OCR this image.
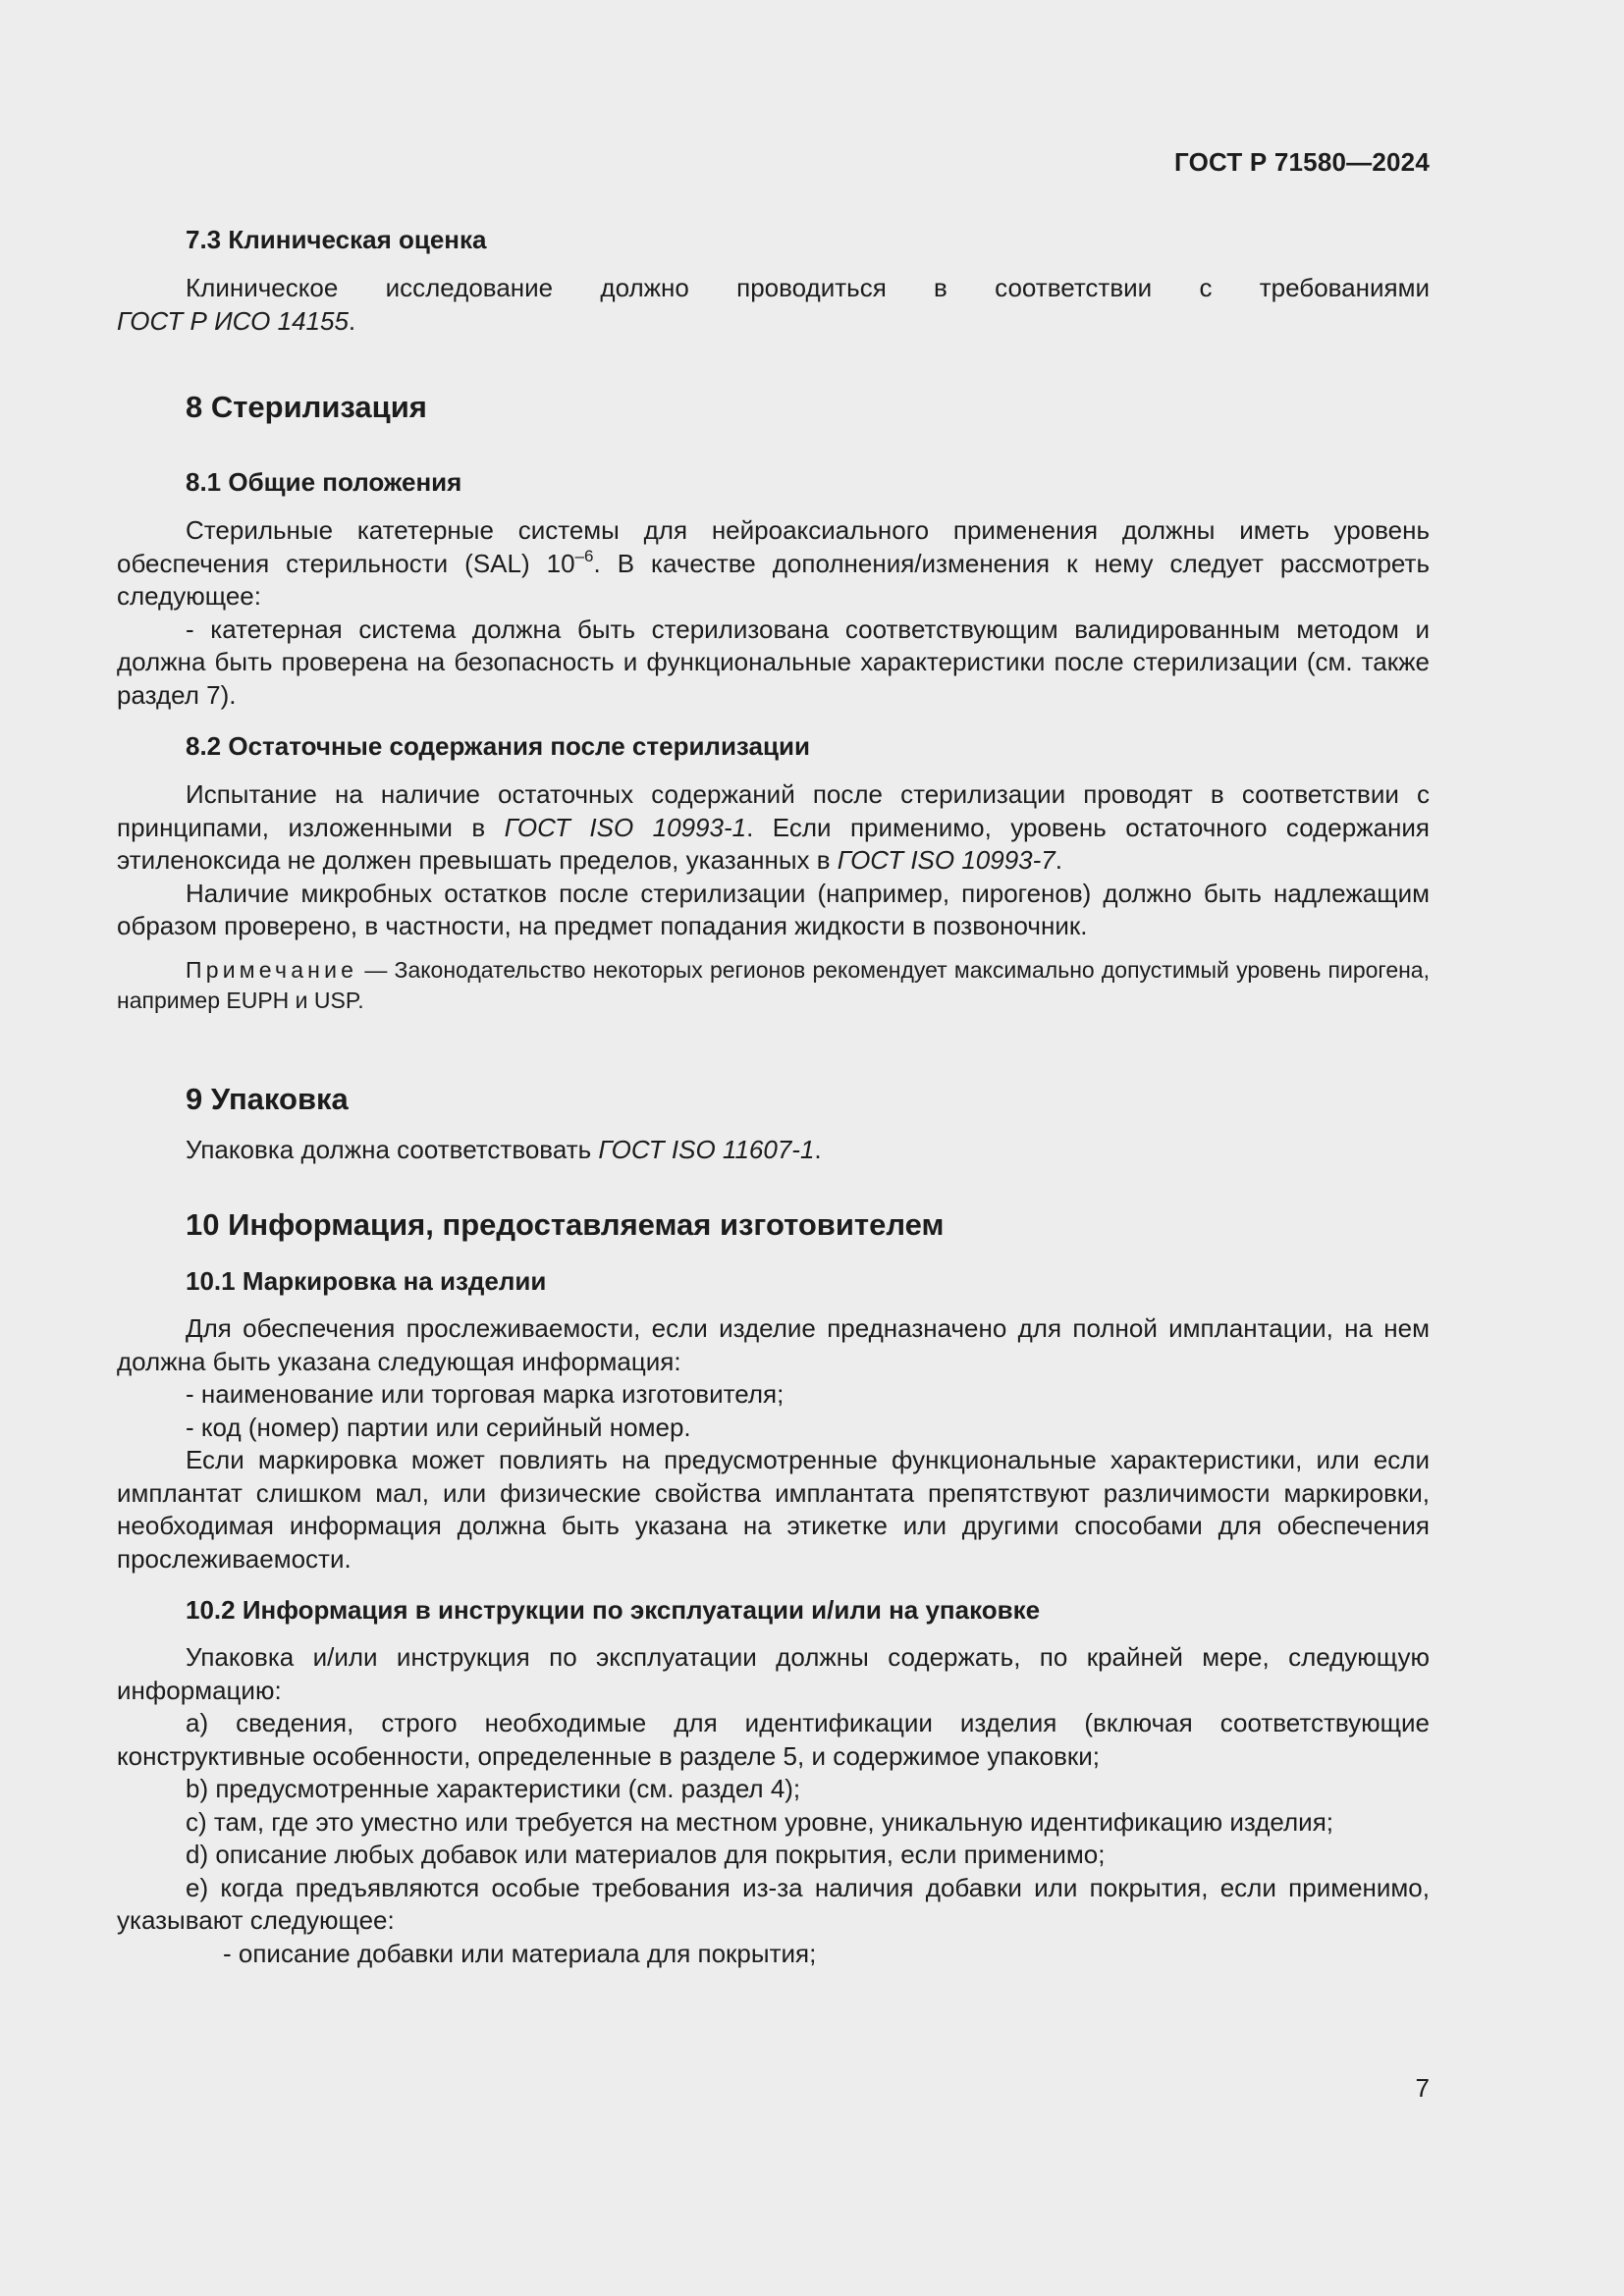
ГОСТ Р 71580—2024

7.3 Клиническая оценка

Клиническое исследование должно проводиться в соответствии с требованиями

ГОСТ Р ИСО 14155.

8 Стерилизация

8.1 Общие положения

Стерильные катетерные системы для нейроаксиального применения должны иметь уровень обеспечения стерильности (SAL) $10^{-6}$. В качестве дополнения/изменения к нему следует рассмотреть следующее:

- катетерная система должна быть стерилизована соответствующим валидированным методом и должна быть проверена на безопасность и функциональные характеристики после стерилизации (см. также раздел 7).

8.2 Остаточные содержания после стерилизации

Испытание на наличие остаточных содержаний после стерилизации проводят в соответствии с принципами, изложенными в ГОСТ ISO 10993-1. Если применимо, уровень остаточного содержания этиленоксида не должен превышать пределов, указанных в ГОСТ ISO 10993-7.

Наличие микробных остатков после стерилизации (например, пирогенов) должно быть надлежащим образом проверено, в частности, на предмет попадания жидкости в позвоночник.

Примечание — Законодательство некоторых регионов рекомендует максимально допустимый уровень пирогена, например EUPH и USP.

9 Упаковка

Упаковка должна соответствовать ГОСТ ISO 11607-1.

10 Информация, предоставляемая изготовителем

10.1 Маркировка на изделии

Для обеспечения прослеживаемости, если изделие предназначено для полной имплантации, на нем должна быть указана следующая информация:

- наименование или торговая марка изготовителя;

- код (номер) партии или серийный номер.

Если маркировка может повлиять на предусмотренные функциональные характеристики, или если имплантат слишком мал, или физические свойства имплантата препятствуют различимости маркировки, необходимая информация должна быть указана на этикетке или другими способами для обеспечения прослеживаемости.

10.2 Информация в инструкции по эксплуатации и/или на упаковке

Упаковка и/или инструкция по эксплуатации должны содержать, по крайней мере, следующую информацию:

a) сведения, строго необходимые для идентификации изделия (включая соответствующие конструктивные особенности, определенные в разделе 5, и содержимое упаковки;

b) предусмотренные характеристики (см. раздел 4);

c) там, где это уместно или требуется на местном уровне, уникальную идентификацию изделия;

d) описание любых добавок или материалов для покрытия, если применимо;

e) когда предъявляются особые требования из-за наличия добавки или покрытия, если применимо, указывают следующее:

- описание добавки или материала для покрытия;

7
